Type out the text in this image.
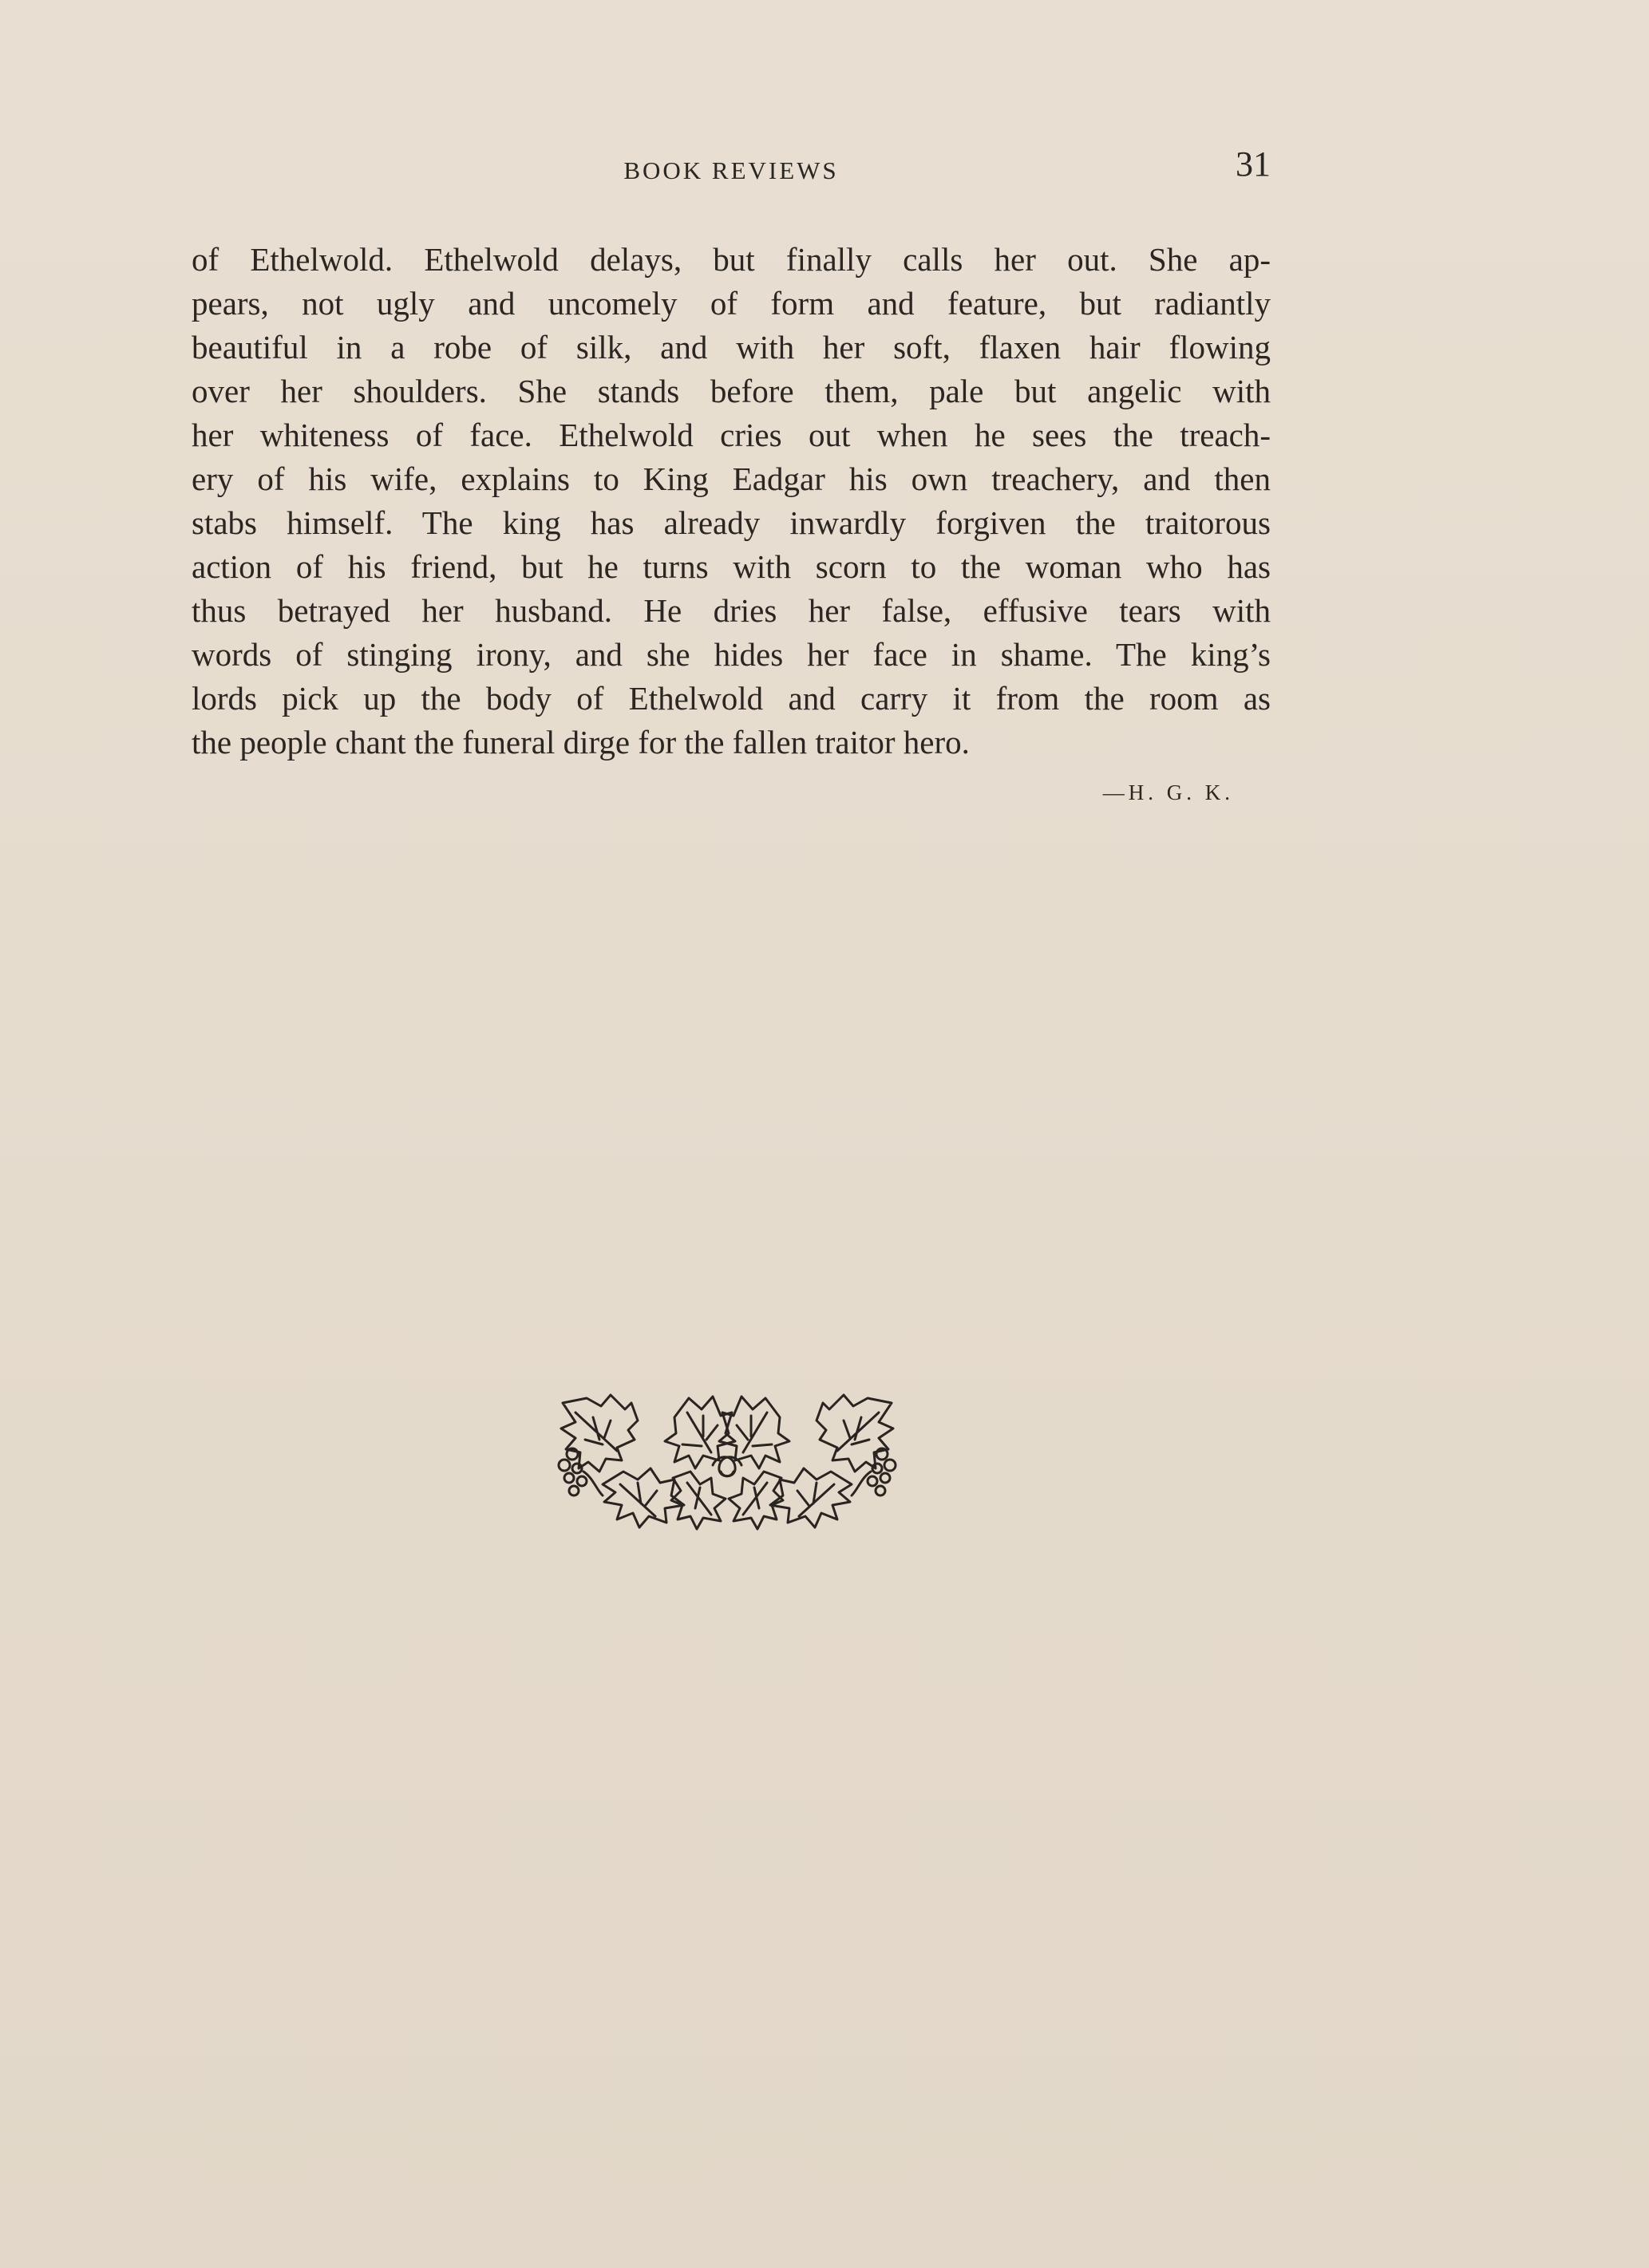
BOOK REVIEWS	31
of Ethelwold. Ethelwold delays, but finally calls her out. She ap-
pears, not ugly and uncomely of form and feature, but radiantly
beautiful in a robe of silk, and with her soft, flaxen hair flowing
over her shoulders. She stands before them, pale but angelic with
her whiteness of face. Ethelwold cries out when he sees the treach-
ery of his wife, explains to King Eadgar his own treachery, and then
stabs himself. The king has already inwardly forgiven the traitorous
action of his friend, but he turns with scorn to the woman who has
thus betrayed her husband. He dries her false, effusive tears with
words of stinging irony, and she hides her face in shame. The king’s
lords pick up the body of Ethelwold and carry it from the room as
the people chant the funeral dirge for the fallen traitor hero.
—H. G. K.
